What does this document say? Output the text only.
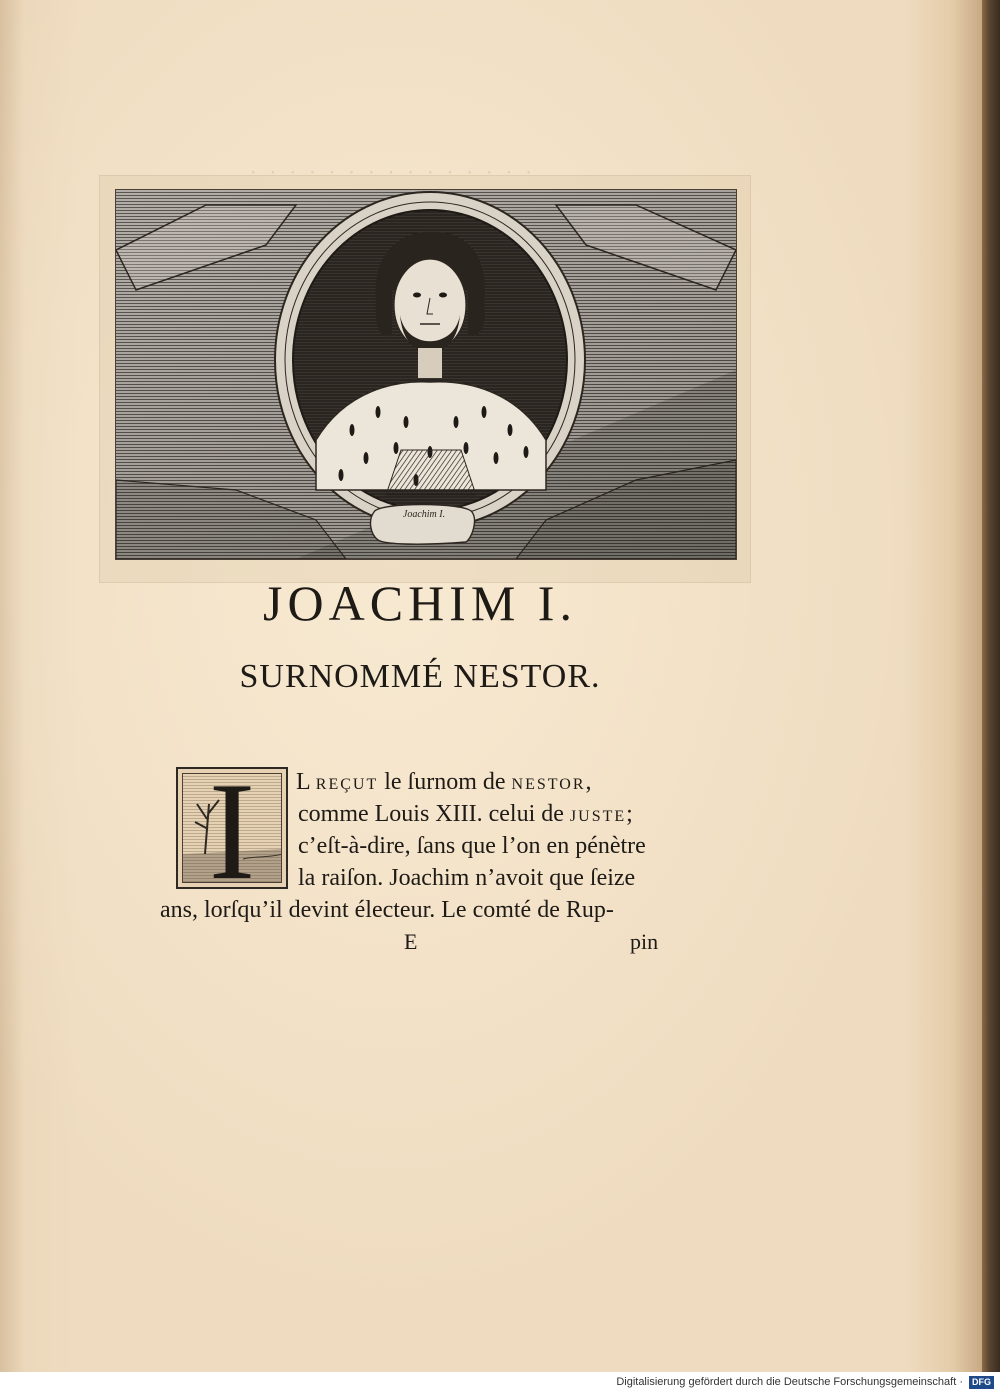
· · · · · · · · · · · · · · ·
Joachim I.
JOACHIM I.
SURNOMMÉ NESTOR.
I	L REÇUT le ſurnom de NESTOR,
comme Louis XIII. celui de JUSTE;
c’eſt-à-dire, ſans que l’on en pénètre
la raiſon. Joachim n’avoit que ſeize
ans, lorſqu’il devint électeur. Le comté de Rup-
E	pin
Digitalisierung gefördert durch die Deutsche Forschungsgemeinschaft · DFG
